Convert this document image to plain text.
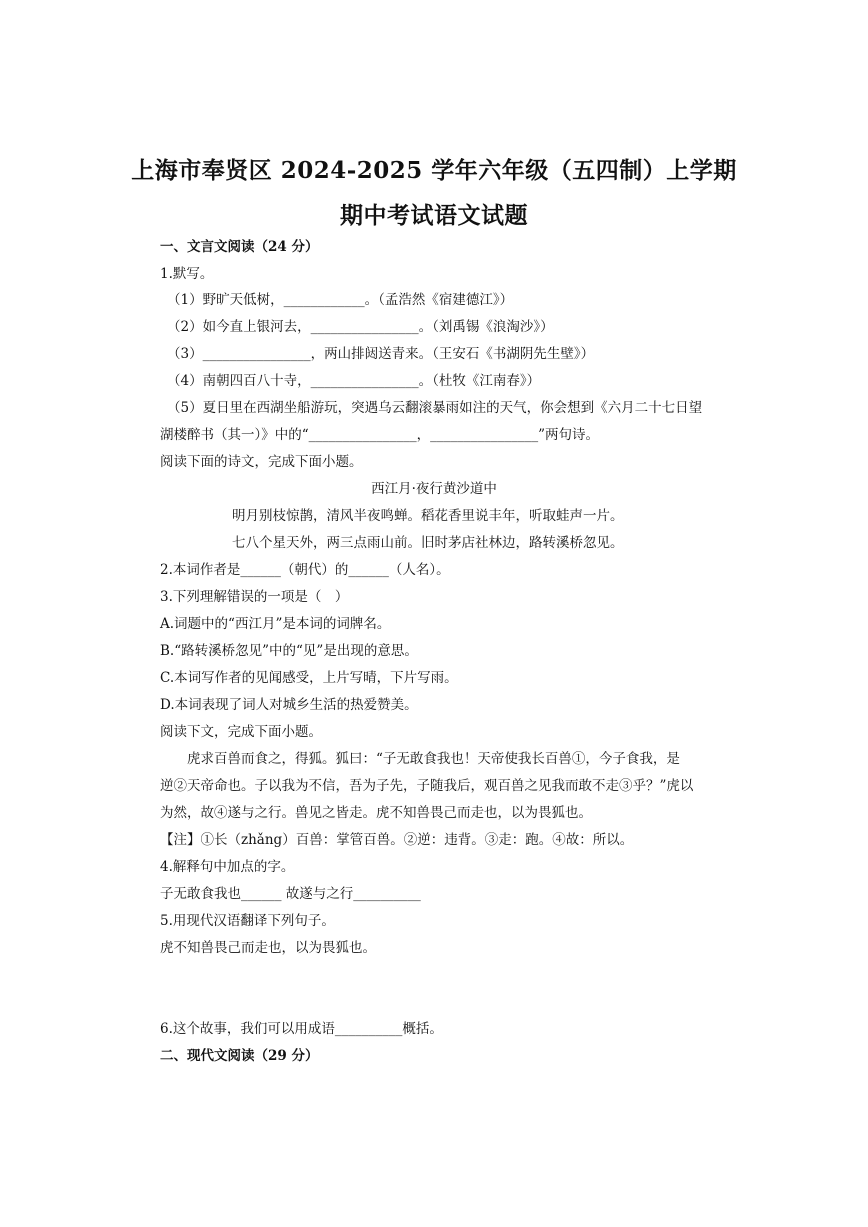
上海市奉贤区 2024-2025 学年六年级（五四制）上学期
期中考试语文试题
一、文言文阅读（24 分）
1.默写。
（1）野旷天低树，____________。（孟浩然《宿建德江》）
（2）如今直上银河去，________________。（刘禹锡《浪淘沙》）
（3）________________，两山排闼送青来。（王安石《书湖阴先生壁》）
（4）南朝四百八十寺，________________。（杜牧《江南春》）
（5）夏日里在西湖坐船游玩，突遇乌云翻滚暴雨如注的天气，你会想到《六月二十七日望
湖楼醉书（其一）》中的“________________，________________”两句诗。
阅读下面的诗文，完成下面小题。
西江月·夜行黄沙道中
明月别枝惊鹊，清风半夜鸣蝉。稻花香里说丰年，听取蛙声一片。
七八个星天外，两三点雨山前。旧时茅店社林边，路转溪桥忽见。
2.本词作者是______（朝代）的______（人名）。
3.下列理解错误的一项是（　）
A.词题中的“西江月”是本词的词牌名。
B.“路转溪桥忽见”中的“见”是出现的意思。
C.本词写作者的见闻感受，上片写晴，下片写雨。
D.本词表现了词人对城乡生活的热爱赞美。
阅读下文，完成下面小题。
虎求百兽而食之，得狐。狐曰：“子无敢食我也！天帝使我长百兽①，今子食我，是
逆②天帝命也。子以我为不信，吾为子先，子随我后，观百兽之见我而敢不走③乎？”虎以
为然，故④遂与之行。兽见之皆走。虎不知兽畏己而走也，以为畏狐也。
【注】①长（zhǎng）百兽：掌管百兽。②逆：违背。③走：跑。④故：所以。
4.解释句中加点的字。
子无敢食我也______ 故遂与之行__________
5.用现代汉语翻译下列句子。
虎不知兽畏己而走也，以为畏狐也。
6.这个故事，我们可以用成语__________概括。
二、现代文阅读（29 分）
